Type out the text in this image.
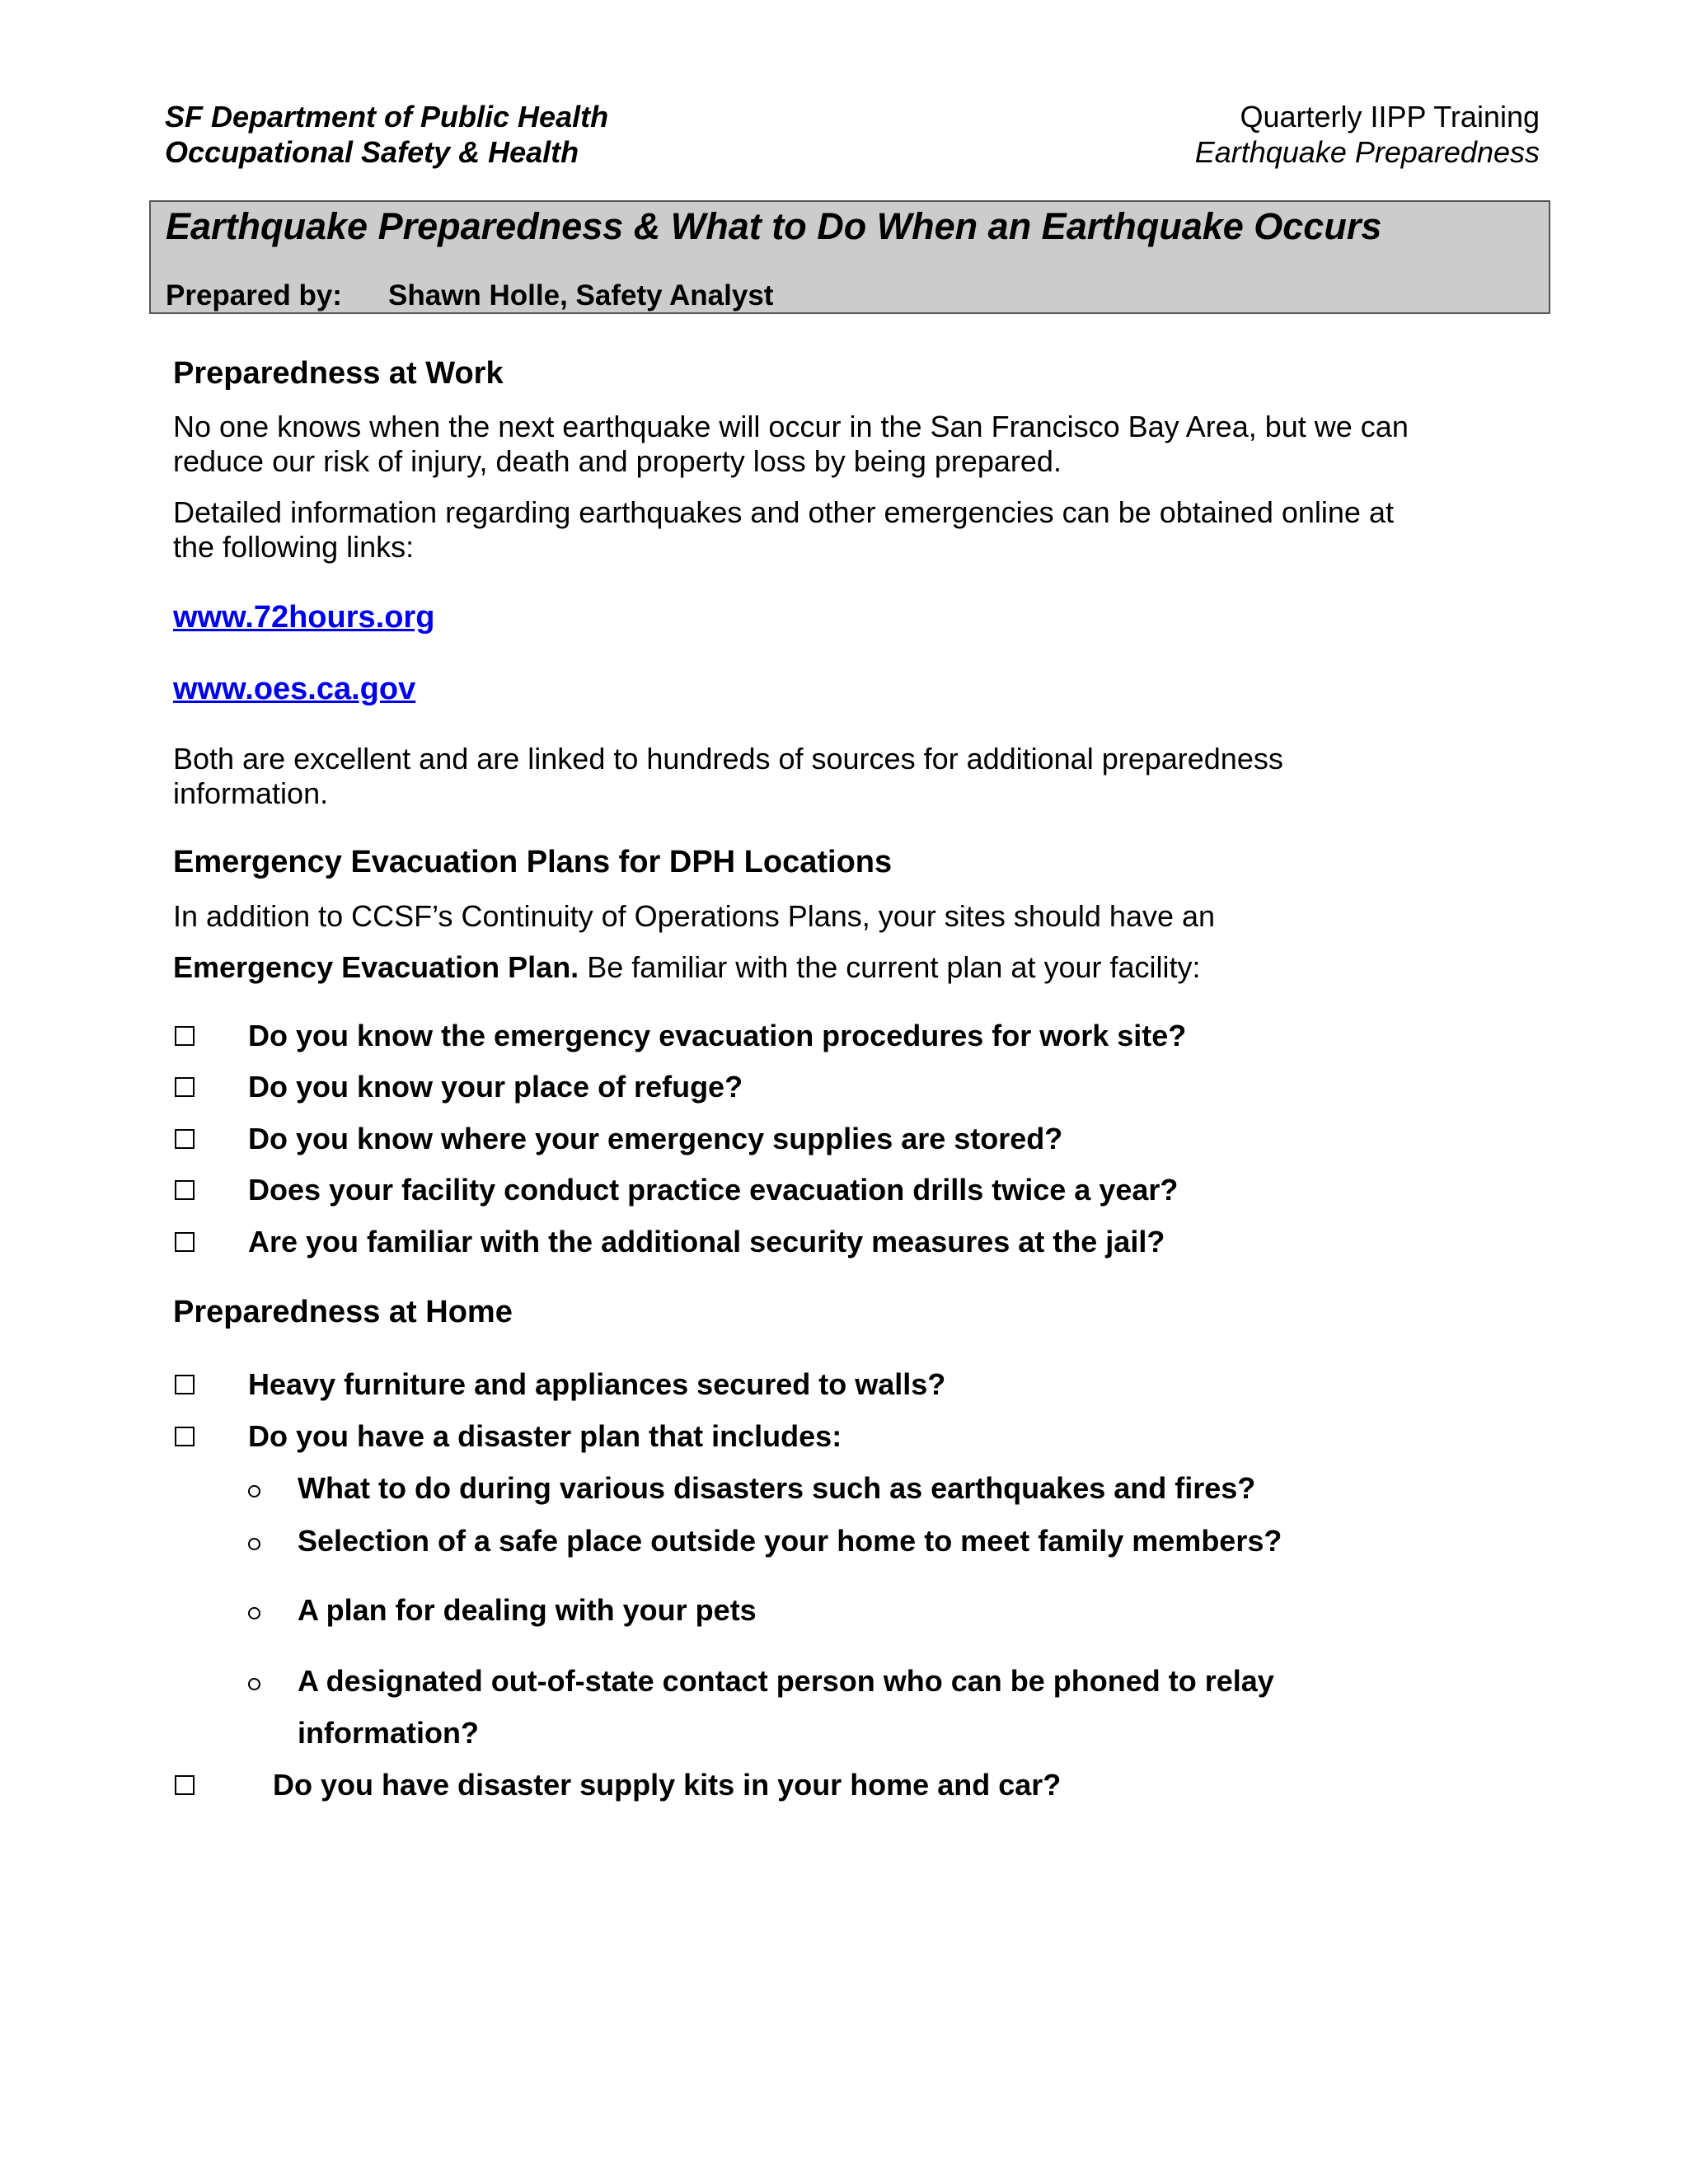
SF Department of Public Health
Occupational Safety & Health
Quarterly IIPP Training
Earthquake Preparedness
Earthquake Preparedness & What to Do When an Earthquake Occurs
Prepared by: Shawn Holle, Safety Analyst
Preparedness at Work
No one knows when the next earthquake will occur in the San Francisco Bay Area, but we can
reduce our risk of injury, death and property loss by being prepared.
Detailed information regarding earthquakes and other emergencies can be obtained online at
the following links:
www.72hours.org
www.oes.ca.gov
Both are excellent and are linked to hundreds of sources for additional preparedness
information.
Emergency Evacuation Plans for DPH Locations
In addition to CCSF’s Continuity of Operations Plans, your sites should have an
Emergency Evacuation Plan. Be familiar with the current plan at your facility:
Do you know the emergency evacuation procedures for work site?
Do you know your place of refuge?
Do you know where your emergency supplies are stored?
Does your facility conduct practice evacuation drills twice a year?
Are you familiar with the additional security measures at the jail?
Preparedness at Home
Heavy furniture and appliances secured to walls?
Do you have a disaster plan that includes:
What to do during various disasters such as earthquakes and fires?
Selection of a safe place outside your home to meet family members?
A plan for dealing with your pets
A designated out-of-state contact person who can be phoned to relay
information?
Do you have disaster supply kits in your home and car?
